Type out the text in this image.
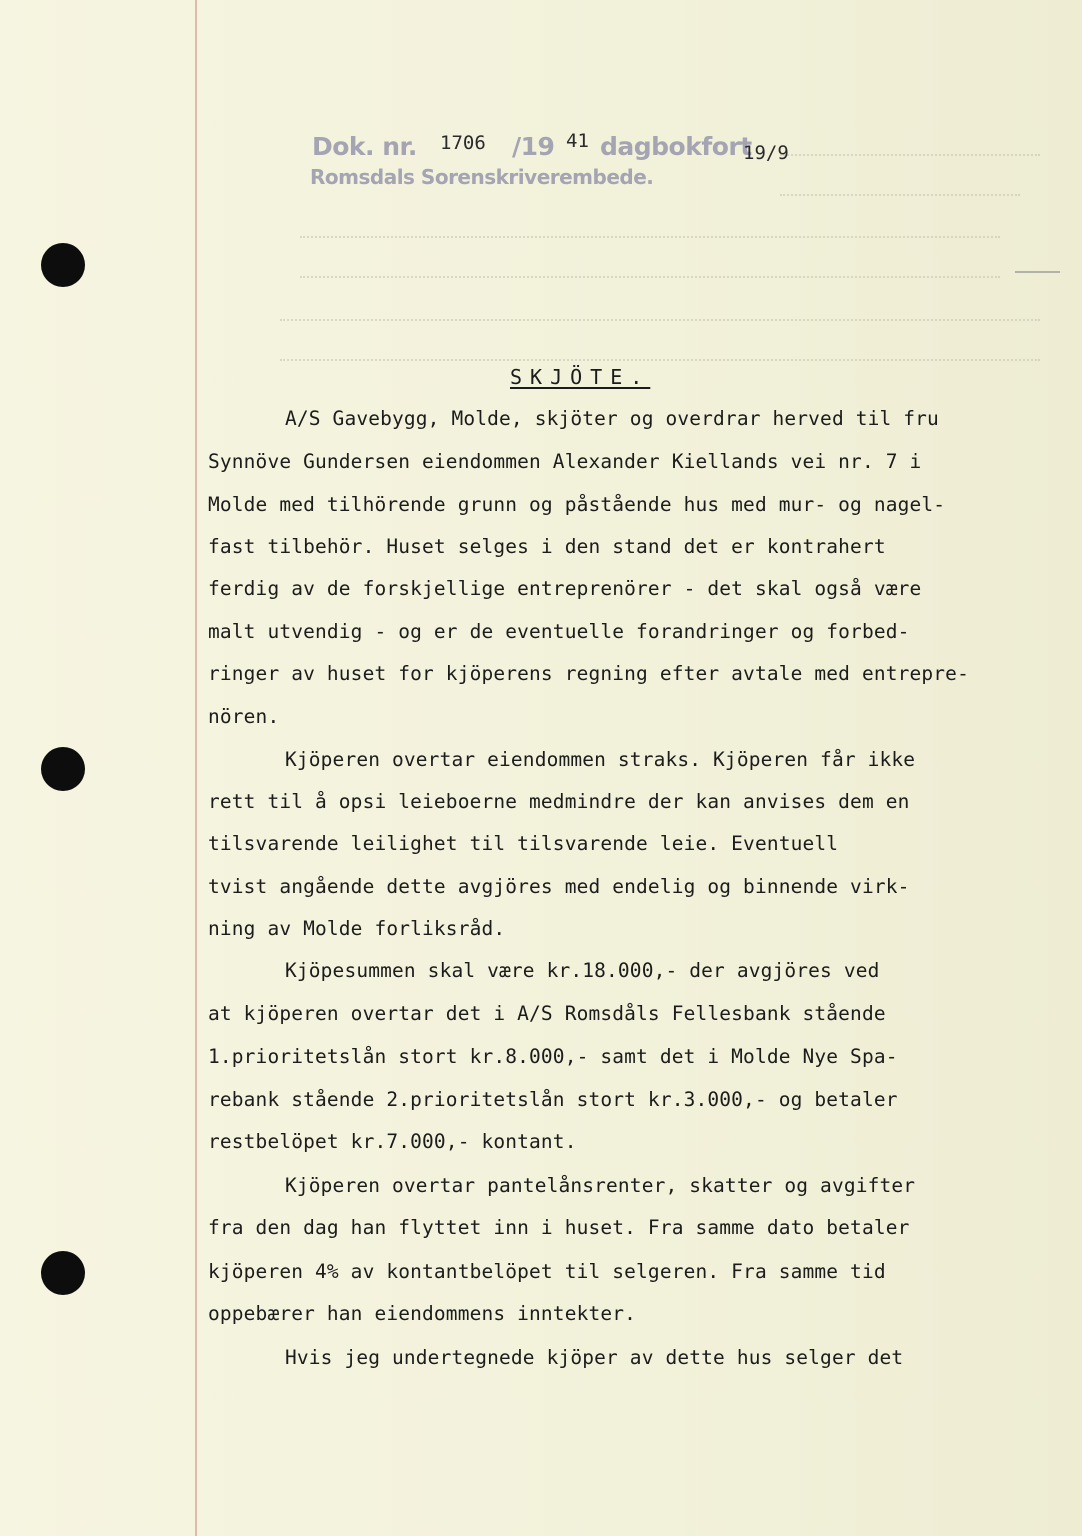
Dok. nr. 1706 /19 41 dagbokfort
19/9
Romsdals Sorenskriverembede.
SKJÖTE.
A/S Gavebygg, Molde, skjöter og overdrar herved til fru
Synnöve Gundersen eiendommen Alexander Kiellands vei nr. 7 i
Molde med tilhörende grunn og påstående hus med mur- og nagel-
fast tilbehör. Huset selges i den stand det er kontrahert
ferdig av de forskjellige entreprenörer - det skal også være
malt utvendig - og er de eventuelle forandringer og forbed-
ringer av huset for kjöperens regning efter avtale med entrepre-
nören.
Kjöperen overtar eiendommen straks. Kjöperen får ikke
rett til å opsi leieboerne medmindre der kan anvises dem en
tilsvarende leilighet til tilsvarende leie. Eventuell
tvist angående dette avgjöres med endelig og binnende virk-
ning av Molde forliksråd.
Kjöpesummen skal være kr.18.000,- der avgjöres ved
at kjöperen overtar det i A/S Romsdåls Fellesbank stående
1.prioritetslån stort kr.8.000,- samt det i Molde Nye Spa-
rebank stående 2.prioritetslån stort kr.3.000,- og betaler
restbelöpet kr.7.000,- kontant.
Kjöperen overtar pantelånsrenter, skatter og avgifter
fra den dag han flyttet inn i huset. Fra samme dato betaler
kjöperen 4% av kontantbelöpet til selgeren. Fra samme tid
oppebærer han eiendommens inntekter.
Hvis jeg undertegnede kjöper av dette hus selger det
